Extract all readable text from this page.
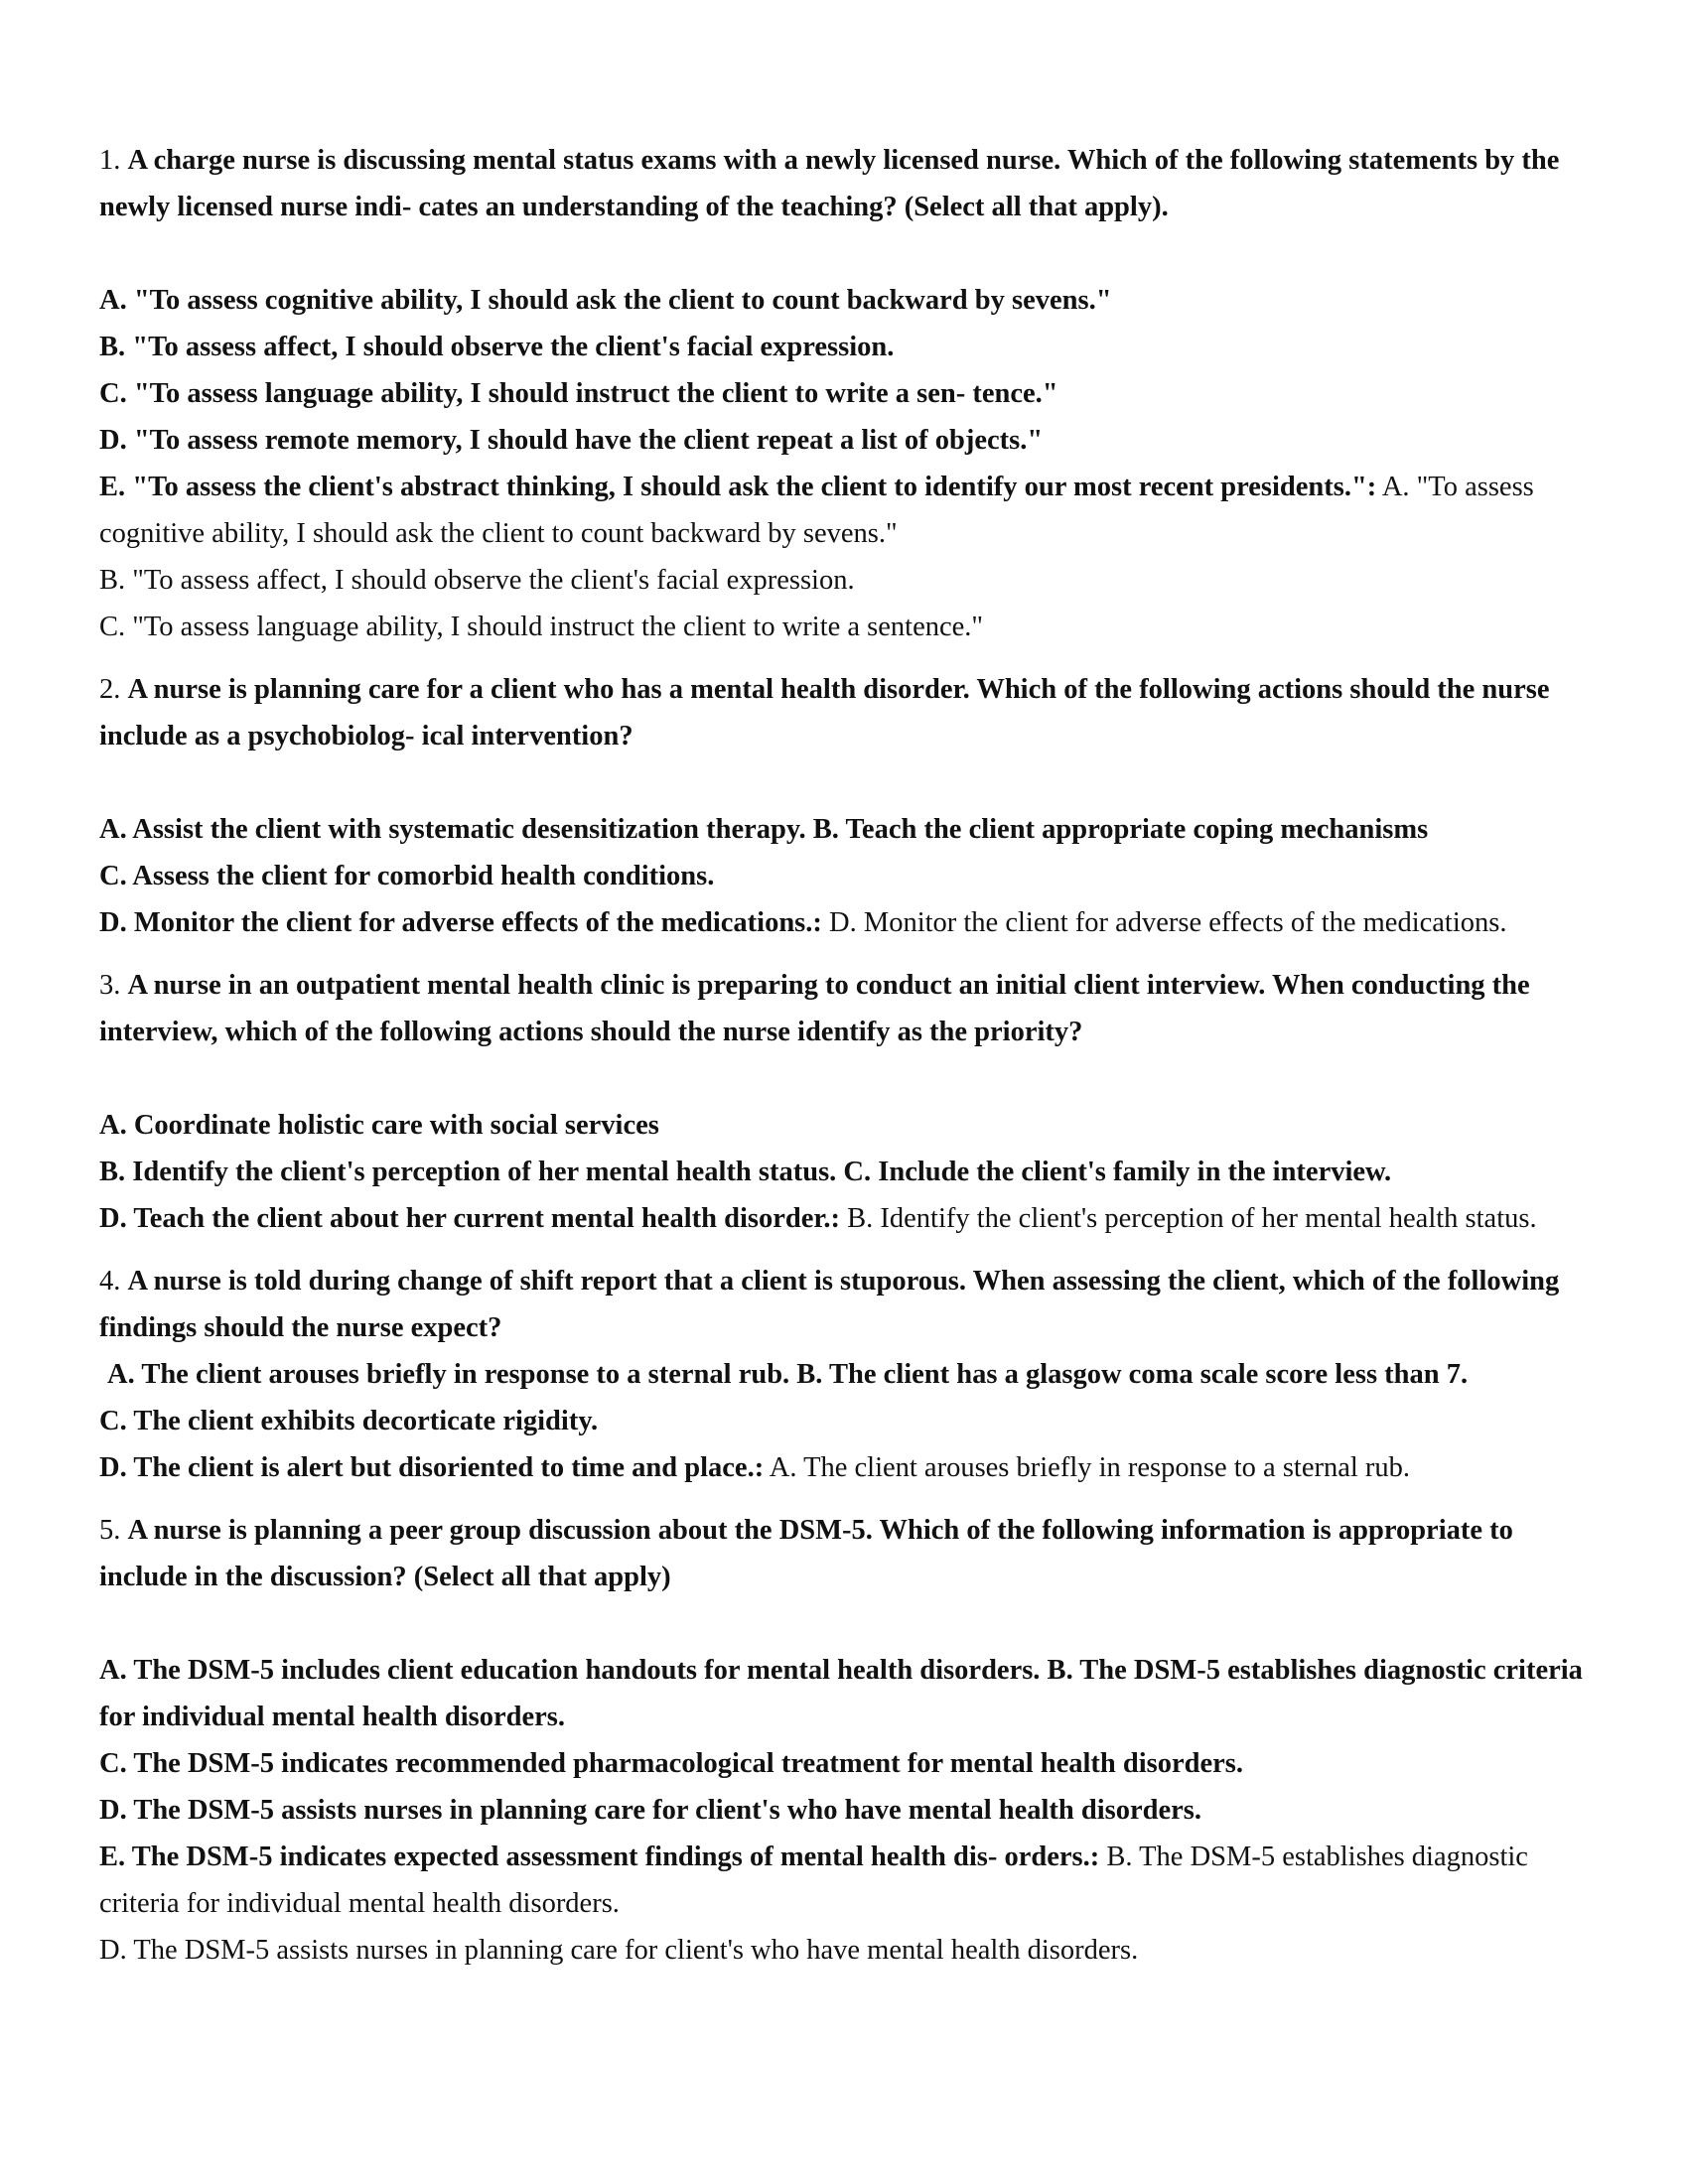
1. A charge nurse is discussing mental status exams with a newly licensed nurse. Which of the following statements by the newly licensed nurse indi- cates an understanding of the teaching? (Select all that apply).

A. "To assess cognitive ability, I should ask the client to count backward by sevens."

B. "To assess affect, I should observe the client's facial expression.

C. "To assess language ability, I should instruct the client to write a sen- tence."

D. "To assess remote memory, I should have the client repeat a list of objects."

E. "To assess the client's abstract thinking, I should ask the client to identify our most recent presidents.": A. "To assess cognitive ability, I should ask the client to count backward by sevens."

B. "To assess affect, I should observe the client's facial expression.

C. "To assess language ability, I should instruct the client to write a sentence."

2. A nurse is planning care for a client who has a mental health disorder. Which of the following actions should the nurse include as a psychobiolog- ical intervention?

A. Assist the client with systematic desensitization therapy. B. Teach the client appropriate coping mechanisms

C. Assess the client for comorbid health conditions.

D. Monitor the client for adverse effects of the medications.: D. Monitor the client for adverse effects of the medications.

3. A nurse in an outpatient mental health clinic is preparing to conduct an initial client interview. When conducting the interview, which of the following actions should the nurse identify as the priority?

A. Coordinate holistic care with social services

B. Identify the client's perception of her mental health status. C. Include the client's family in the interview.

D. Teach the client about her current mental health disorder.: B. Identify the client's perception of her mental health status.

4. A nurse is told during change of shift report that a client is stuporous. When assessing the client, which of the following findings should the nurse expect?

A. The client arouses briefly in response to a sternal rub. B. The client has a glasgow coma scale score less than 7.

C. The client exhibits decorticate rigidity.

D. The client is alert but disoriented to time and place.: A. The client arouses briefly in response to a sternal rub.

5. A nurse is planning a peer group discussion about the DSM-5. Which of the following information is appropriate to include in the discussion? (Select all that apply)

A. The DSM-5 includes client education handouts for mental health disorders. B. The DSM-5 establishes diagnostic criteria for individual mental health disorders.

C. The DSM-5 indicates recommended pharmacological treatment for mental health disorders.

D. The DSM-5 assists nurses in planning care for client's who have mental health disorders.

E. The DSM-5 indicates expected assessment findings of mental health dis- orders.: B. The DSM-5 establishes diagnostic criteria for individual mental health disorders.

D. The DSM-5 assists nurses in planning care for client's who have mental health disorders.
